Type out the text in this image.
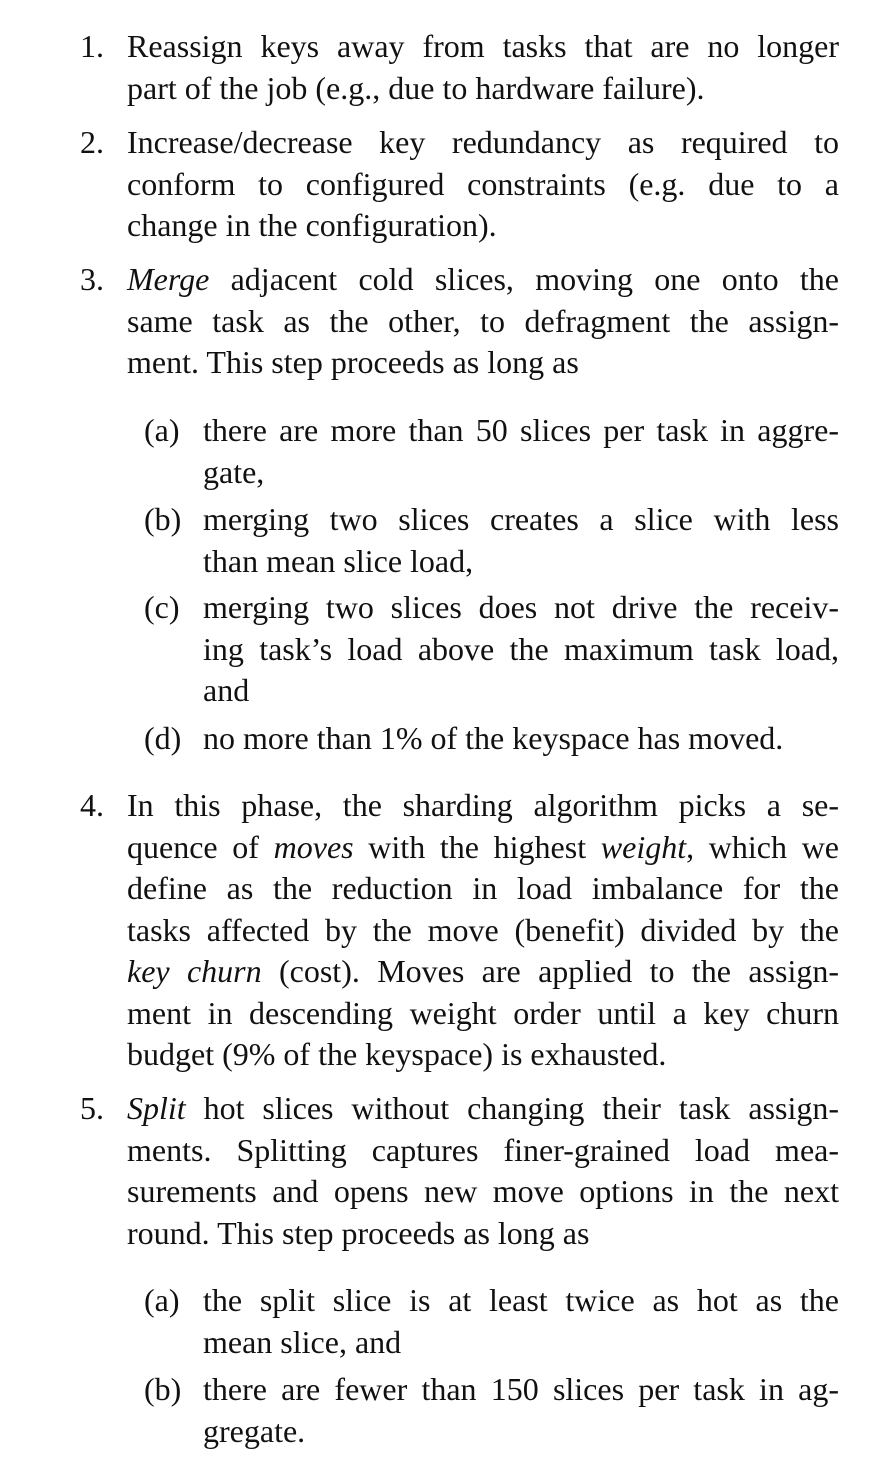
1. Reassign keys away from tasks that are no longer
part of the job (e.g., due to hardware failure).
2. Increase/decrease key redundancy as required to
conform to configured constraints (e.g. due to a
change in the configuration).
3. Merge adjacent cold slices, moving one onto the
same task as the other, to defragment the assign-
ment. This step proceeds as long as
(a) there are more than 50 slices per task in aggre-
gate,
(b) merging two slices creates a slice with less
than mean slice load,
(c) merging two slices does not drive the receiv-
ing task’s load above the maximum task load,
and
(d) no more than 1% of the keyspace has moved.
4. In this phase, the sharding algorithm picks a se-
quence of moves with the highest weight, which we
define as the reduction in load imbalance for the
tasks affected by the move (benefit) divided by the
key churn (cost). Moves are applied to the assign-
ment in descending weight order until a key churn
budget (9% of the keyspace) is exhausted.
5. Split hot slices without changing their task assign-
ments. Splitting captures finer-grained load mea-
surements and opens new move options in the next
round. This step proceeds as long as
(a) the split slice is at least twice as hot as the
mean slice, and
(b) there are fewer than 150 slices per task in ag-
gregate.
